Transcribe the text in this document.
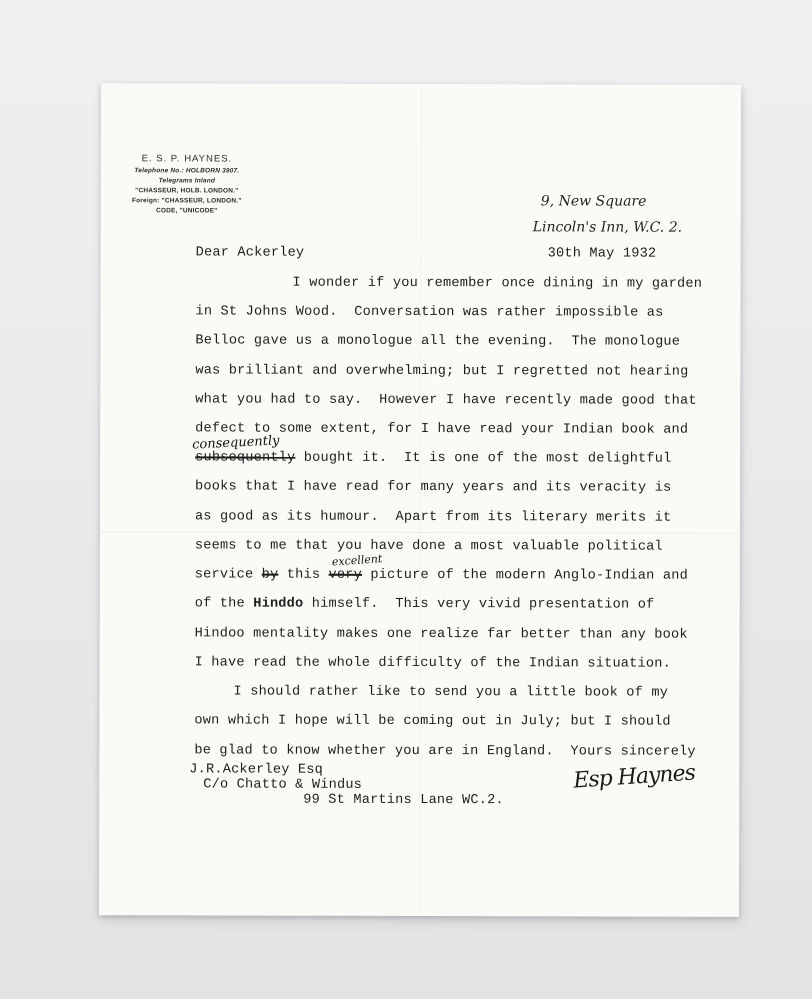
E. S. P. HAYNES.
Telephone No.: HOLBORN 3907.
Telegrams Inland
"CHASSEUR, HOLB. LONDON."
Foreign: "CHASSEUR, LONDON."
CODE, "UNICODE"
9, New Square
Lincoln's Inn, W.C. 2.
Dear Ackerley	30th May 1932
I wonder if you remember once dining in my garden
in St Johns Wood.  Conversation was rather impossible as
Belloc gave us a monologue all the evening.  The monologue
was brilliant and overwhelming; but I regretted not hearing
what you had to say.  However I have recently made good that
defect to some extent, for I have read your Indian book and
consequently
subsequently bought it.  It is one of the most delightful
books that I have read for many years and its veracity is
as good as its humour.  Apart from its literary merits it
seems to me that you have done a most valuable political
excellent
service by this very picture of the modern Anglo-Indian and
of the Hinddo himself.  This very vivid presentation of
Hindoo mentality makes one realize far better than any book
I have read the whole difficulty of the Indian situation.
I should rather like to send you a little book of my
own which I hope will be coming out in July; but I should
be glad to know whether you are in England.  Yours sincerely
J.R.Ackerley Esq
C/o Chatto & Windus
99 St Martins Lane WC.2.
Esp Haynes
